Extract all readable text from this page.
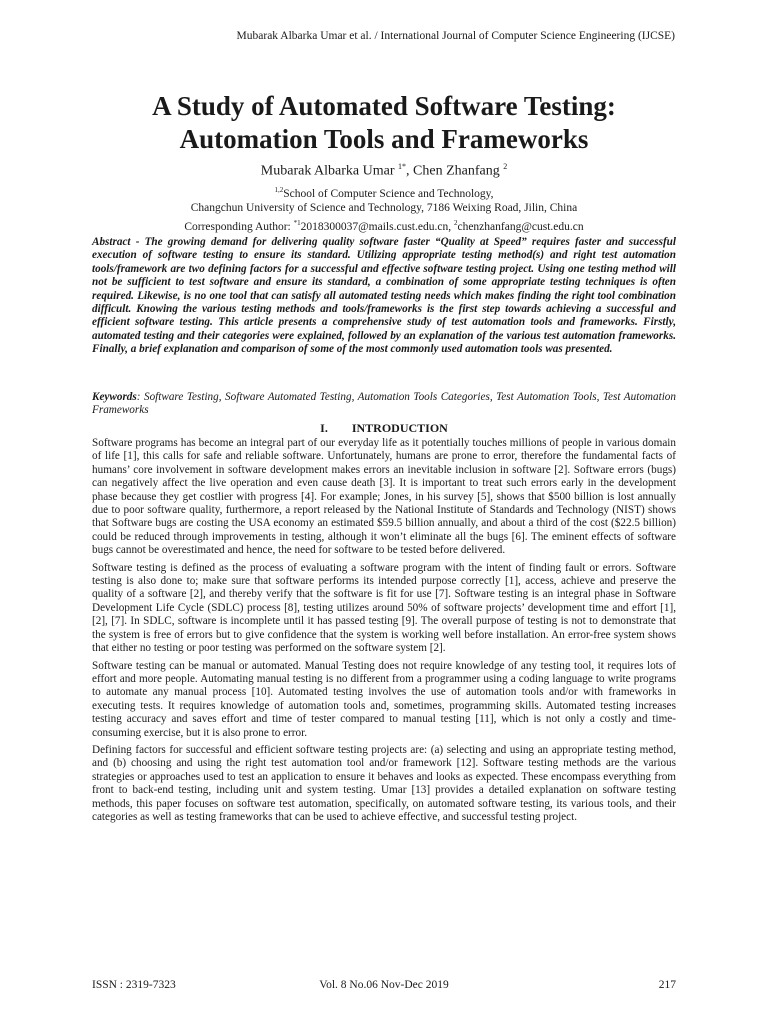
Mubarak Albarka Umar et al. / International Journal of Computer Science Engineering (IJCSE)
A Study of Automated Software Testing:
Automation Tools and Frameworks
Mubarak Albarka Umar $^{1*}$, Chen Zhanfang $^2$
$^{1,2}$School of Computer Science and Technology,
Changchun University of Science and Technology, 7186 Weixing Road, Jilin, China
Corresponding Author: $^{*1}$2018300037@mails.cust.edu.cn, $^2$chenzhanfang@cust.edu.cn
Abstract - The growing demand for delivering quality software faster “Quality at Speed” requires faster and successful execution of software testing to ensure its standard. Utilizing appropriate testing method(s) and right test automation tools/framework are two defining factors for a successful and effective software testing project. Using one testing method will not be sufficient to test software and ensure its standard, a combination of some appropriate testing techniques is often required. Likewise, is no one tool that can satisfy all automated testing needs which makes finding the right tool combination difficult. Knowing the various testing methods and tools/frameworks is the first step towards achieving a successful and efficient software testing. This article presents a comprehensive study of test automation tools and frameworks. Firstly, automated testing and their categories were explained, followed by an explanation of the various test automation frameworks. Finally, a brief explanation and comparison of some of the most commonly used automation tools was presented.
Keywords: Software Testing, Software Automated Testing, Automation Tools Categories, Test Automation Tools, Test Automation Frameworks
I.  INTRODUCTION

Software programs has become an integral part of our everyday life as it potentially touches millions of people in various domain of life [1], this calls for safe and reliable software. Unfortunately, humans are prone to error, therefore the fundamental facts of humans’ core involvement in software development makes errors an inevitable inclusion in software [2]. Software errors (bugs) can negatively affect the live operation and even cause death [3]. It is important to treat such errors early in the development phase because they get costlier with progress [4]. For example; Jones, in his survey [5], shows that $500 billion is lost annually due to poor software quality, furthermore, a report released by the National Institute of Standards and Technology (NIST) shows that Software bugs are costing the USA economy an estimated $59.5 billion annually, and about a third of the cost ($22.5 billion) could be reduced through improvements in testing, although it won’t eliminate all the bugs [6]. The eminent effects of software bugs cannot be overestimated and hence, the need for software to be tested before delivered.

Software testing is defined as the process of evaluating a software program with the intent of finding fault or errors. Software testing is also done to; make sure that software performs its intended purpose correctly [1], access, achieve and preserve the quality of a software [2], and thereby verify that the software is fit for use [7]. Software testing is an integral phase in Software Development Life Cycle (SDLC) process [8], testing utilizes around 50% of software projects’ development time and effort [1], [2], [7]. In SDLC, software is incomplete until it has passed testing [9]. The overall purpose of testing is not to demonstrate that the system is free of errors but to give confidence that the system is working well before installation. An error-free system shows that either no testing or poor testing was performed on the software system [2].

Software testing can be manual or automated. Manual Testing does not require knowledge of any testing tool, it requires lots of effort and more people. Automating manual testing is no different from a programmer using a coding language to write programs to automate any manual process [10]. Automated testing involves the use of automation tools and/or with frameworks in executing tests. It requires knowledge of automation tools and, sometimes, programming skills. Automated testing increases testing accuracy and saves effort and time of tester compared to manual testing [11], which is not only a costly and time-consuming exercise, but it is also prone to error.

Defining factors for successful and efficient software testing projects are: (a) selecting and using an appropriate testing method, and (b) choosing and using the right test automation tool and/or framework [12]. Software testing methods are the various strategies or approaches used to test an application to ensure it behaves and looks as expected. These encompass everything from front to back-end testing, including unit and system testing. Umar [13] provides a detailed explanation on software testing methods, this paper focuses on software test automation, specifically, on automated software testing, its various tools, and their categories as well as testing frameworks that can be used to achieve effective, and successful testing project.

ISSN : 2319-7323	Vol. 8 No.06 Nov-Dec 2019	217
